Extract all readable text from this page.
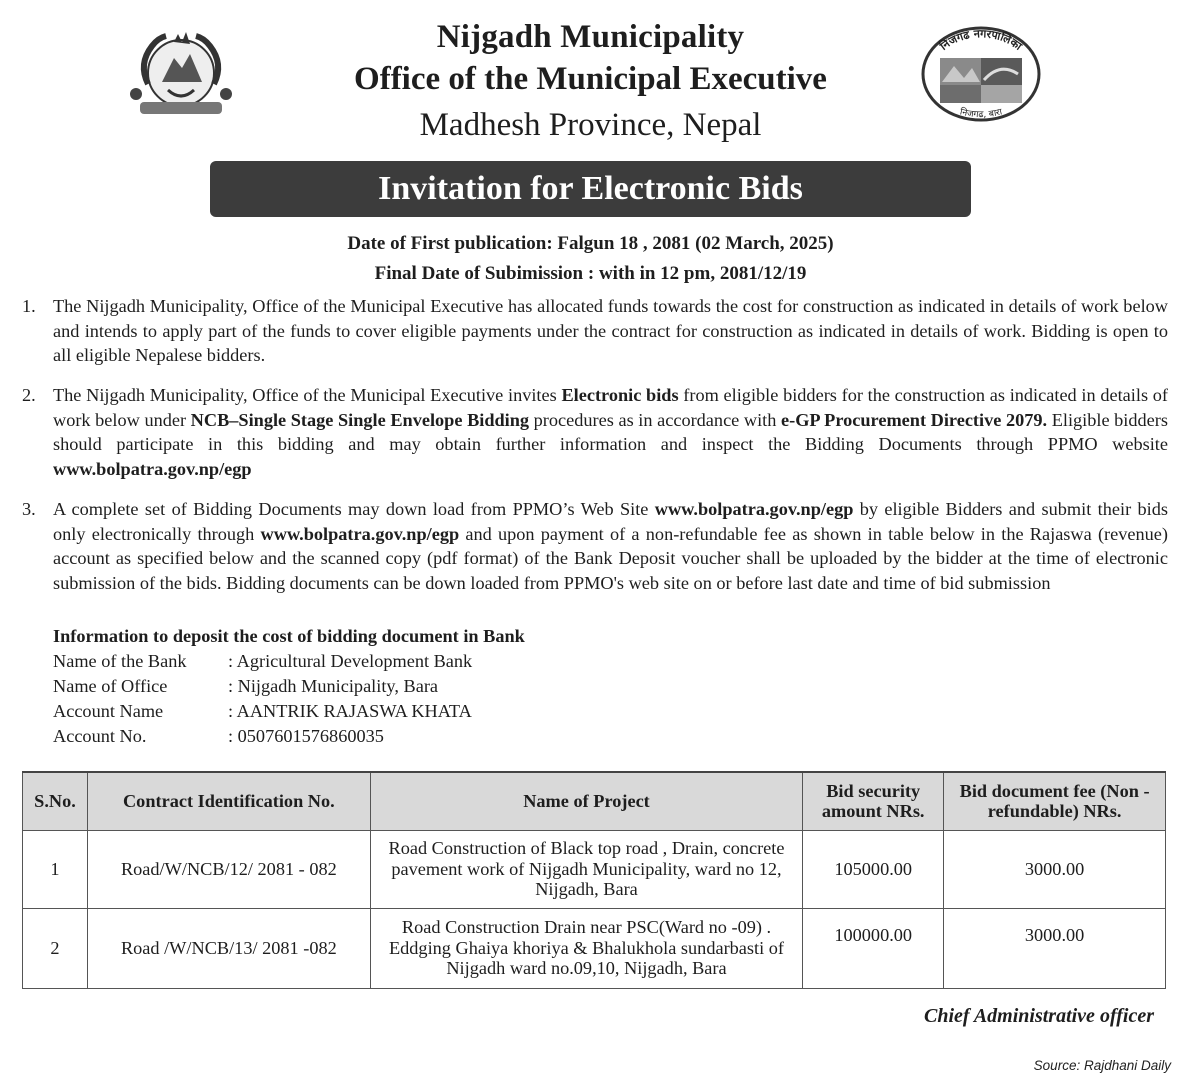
निजगढ नगरपालिका
निजगढ, बारा
Nijgadh Municipality
Office of the Municipal Executive
Madhesh Province, Nepal
Invitation for Electronic Bids
Date of First publication: Falgun 18 , 2081 (02 March, 2025)
Final Date of Subimission : with in 12 pm, 2081/12/19
1. The Nijgadh Municipality, Office of the Municipal Executive has allocated funds towards the cost for construction as indicated in details of work below and intends to apply part of the funds to cover eligible payments under the contract for construction as indicated in details of work. Bidding is open to all eligible Nepalese bidders.
2. The Nijgadh Municipality, Office of the Municipal Executive invites Electronic bids from eligible bidders for the construction as indicated in details of work below under NCB–Single Stage Single Envelope Bidding procedures as in accordance with e-GP Procurement Directive 2079. Eligible bidders should participate in this bidding and may obtain further information and inspect the Bidding Documents through PPMO website www.bolpatra.gov.np/egp
3. A complete set of Bidding Documents may down load from PPMO’s Web Site www.bolpatra.gov.np/egp by eligible Bidders and submit their bids only electronically through www.bolpatra.gov.np/egp and upon payment of a non-refundable fee as shown in table below in the Rajaswa (revenue) account as specified below and the scanned copy (pdf format) of the Bank Deposit voucher shall be uploaded by the bidder at the time of electronic submission of the bids. Bidding documents can be down loaded from PPMO's web site on or before last date and time of bid submission
Information to deposit the cost of bidding document in Bank
Name of the Bank	: Agricultural Development Bank
Name of Office	: Nijgadh Municipality, Bara
Account Name	: AANTRIK RAJASWA KHATA
Account No.	: 0507601576860035
S.No.	Contract Identification No.	Name of Project	Bid security amount NRs.	Bid document fee (Non - refundable) NRs.
1	Road/W/NCB/12/ 2081 - 082	Road Construction of Black top road , Drain, concrete pavement work of Nijgadh Municipality, ward no 12, Nijgadh, Bara	105000.00	3000.00
2	Road /W/NCB/13/ 2081 -082	Road Construction Drain near PSC(Ward no -09) . Eddging Ghaiya khoriya & Bhalukhola sundarbasti of Nijgadh ward no.09,10, Nijgadh, Bara	100000.00	3000.00
Chief Administrative officer
Source: Rajdhani Daily
